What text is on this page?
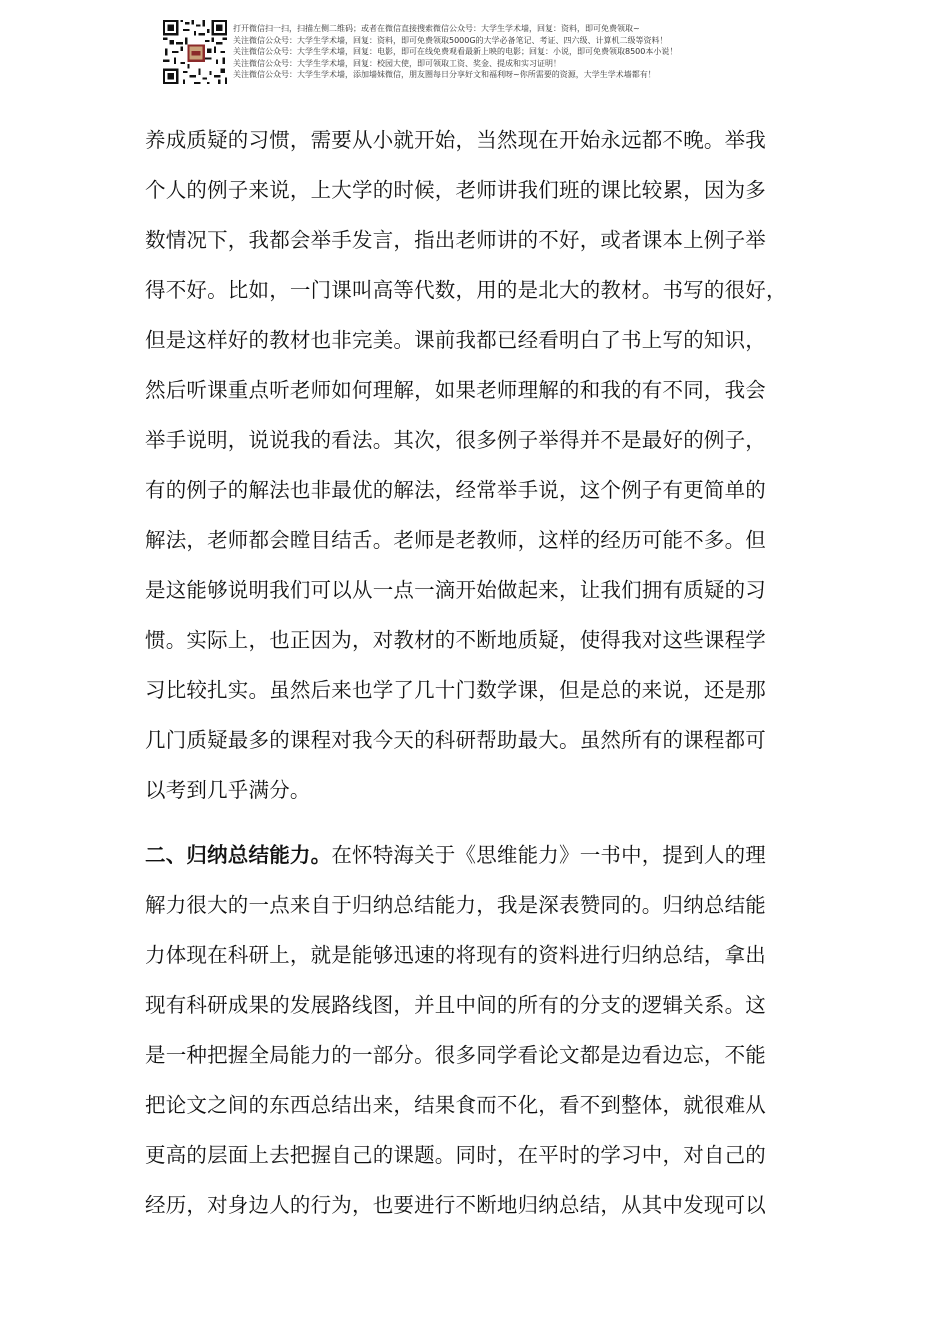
打开微信扫一扫，扫描左侧二维码；或者在微信直接搜索微信公众号：大学生学术墙，回复：资料，即可免费领取~
关注微信公众号：大学生学术墙，回复：资料，即可免费领取5000G的大学必备笔记、考证、四六级、计算机二级等资料！
关注微信公众号：大学生学术墙，回复：电影，即可在线免费观看最新上映的电影；回复：小说，即可免费领取8500本小说！
关注微信公众号：大学生学术墙，回复：校园大使，即可领取工资、奖金、提成和实习证明！
关注微信公众号：大学生学术墙，添加墙妹微信，朋友圈每日分享好文和福利呀~你所需要的资源，大学生学术墙都有！
养成质疑的习惯，需要从小就开始，当然现在开始永远都不晚。举我
个人的例子来说，上大学的时候，老师讲我们班的课比较累，因为多
数情况下，我都会举手发言，指出老师讲的不好，或者课本上例子举
得不好。比如，一门课叫高等代数，用的是北大的教材。书写的很好，
但是这样好的教材也非完美。课前我都已经看明白了书上写的知识，
然后听课重点听老师如何理解，如果老师理解的和我的有不同，我会
举手说明，说说我的看法。其次，很多例子举得并不是最好的例子，
有的例子的解法也非最优的解法，经常举手说，这个例子有更简单的
解法，老师都会瞠目结舌。老师是老教师，这样的经历可能不多。但
是这能够说明我们可以从一点一滴开始做起来，让我们拥有质疑的习
惯。实际上，也正因为，对教材的不断地质疑，使得我对这些课程学
习比较扎实。虽然后来也学了几十门数学课，但是总的来说，还是那
几门质疑最多的课程对我今天的科研帮助最大。虽然所有的课程都可
以考到几乎满分。
二、归纳总结能力。在怀特海关于《思维能力》一书中，提到人的理
解力很大的一点来自于归纳总结能力，我是深表赞同的。归纳总结能
力体现在科研上，就是能够迅速的将现有的资料进行归纳总结，拿出
现有科研成果的发展路线图，并且中间的所有的分支的逻辑关系。这
是一种把握全局能力的一部分。很多同学看论文都是边看边忘，不能
把论文之间的东西总结出来，结果食而不化，看不到整体，就很难从
更高的层面上去把握自己的课题。同时，在平时的学习中，对自己的
经历，对身边人的行为，也要进行不断地归纳总结，从其中发现可以
